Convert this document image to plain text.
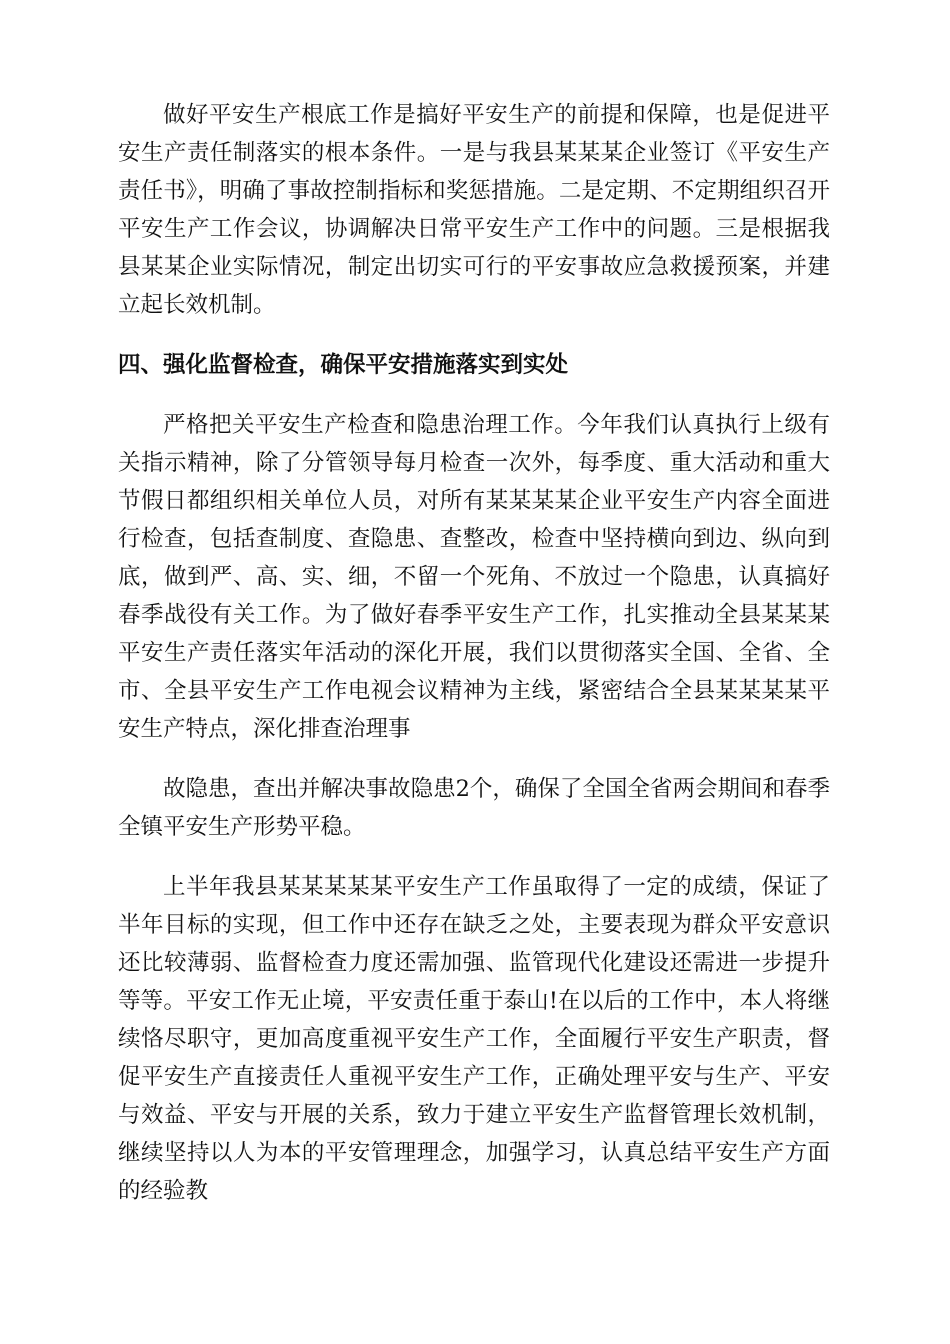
做好平安生产根底工作是搞好平安生产的前提和保障，也是促进平安生产责任制落实的根本条件。一是与我县某某某企业签订《平安生产责任书》，明确了事故控制指标和奖惩措施。二是定期、不定期组织召开平安生产工作会议，协调解决日常平安生产工作中的问题。三是根据我县某某企业实际情况，制定出切实可行的平安事故应急救援预案，并建立起长效机制。

四、强化监督检查，确保平安措施落实到实处

严格把关平安生产检查和隐患治理工作。今年我们认真执行上级有关指示精神，除了分管领导每月检查一次外，每季度、重大活动和重大节假日都组织相关单位人员，对所有某某某某企业平安生产内容全面进行检查，包括查制度、查隐患、查整改，检查中坚持横向到边、纵向到底，做到严、高、实、细，不留一个死角、不放过一个隐患，认真搞好春季战役有关工作。为了做好春季平安生产工作，扎实推动全县某某某平安生产责任落实年活动的深化开展，我们以贯彻落实全国、全省、全市、全县平安生产工作电视会议精神为主线，紧密结合全县某某某某平安生产特点，深化排查治理事

故隐患，查出并解决事故隐患2个，确保了全国全省两会期间和春季全镇平安生产形势平稳。

上半年我县某某某某某平安生产工作虽取得了一定的成绩，保证了半年目标的实现，但工作中还存在缺乏之处，主要表现为群众平安意识还比较薄弱、监督检查力度还需加强、监管现代化建设还需进一步提升等等。平安工作无止境，平安责任重于泰山!在以后的工作中，本人将继续恪尽职守，更加高度重视平安生产工作，全面履行平安生产职责，督促平安生产直接责任人重视平安生产工作，正确处理平安与生产、平安与效益、平安与开展的关系，致力于建立平安生产监督管理长效机制，继续坚持以人为本的平安管理理念，加强学习，认真总结平安生产方面的经验教
